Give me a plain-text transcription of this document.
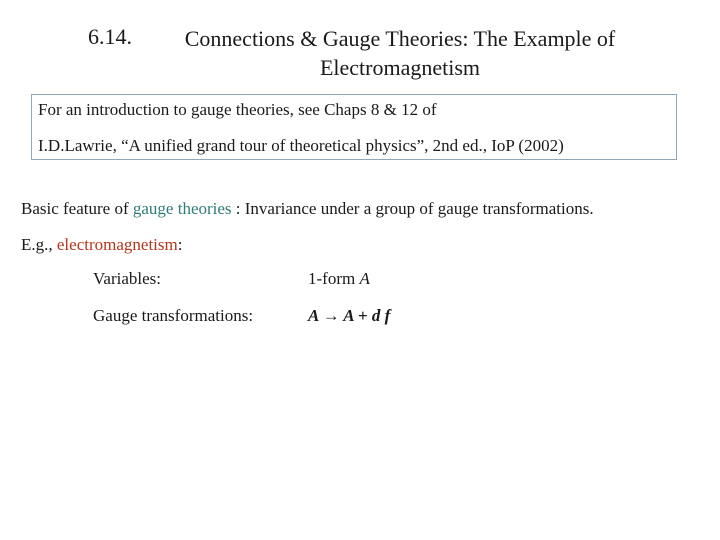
6.14.	Connections & Gauge Theories: The Example of Electromagnetism
For an introduction to gauge theories, see Chaps 8 & 12 of
I.D.Lawrie, “A unified grand tour of theoretical physics”, 2nd ed., IoP (2002)
Basic feature of gauge theories : Invariance under a group of gauge transformations.
E.g., electromagnetism:
Variables:	1-form A
Gauge transformations:	A → A + d f
